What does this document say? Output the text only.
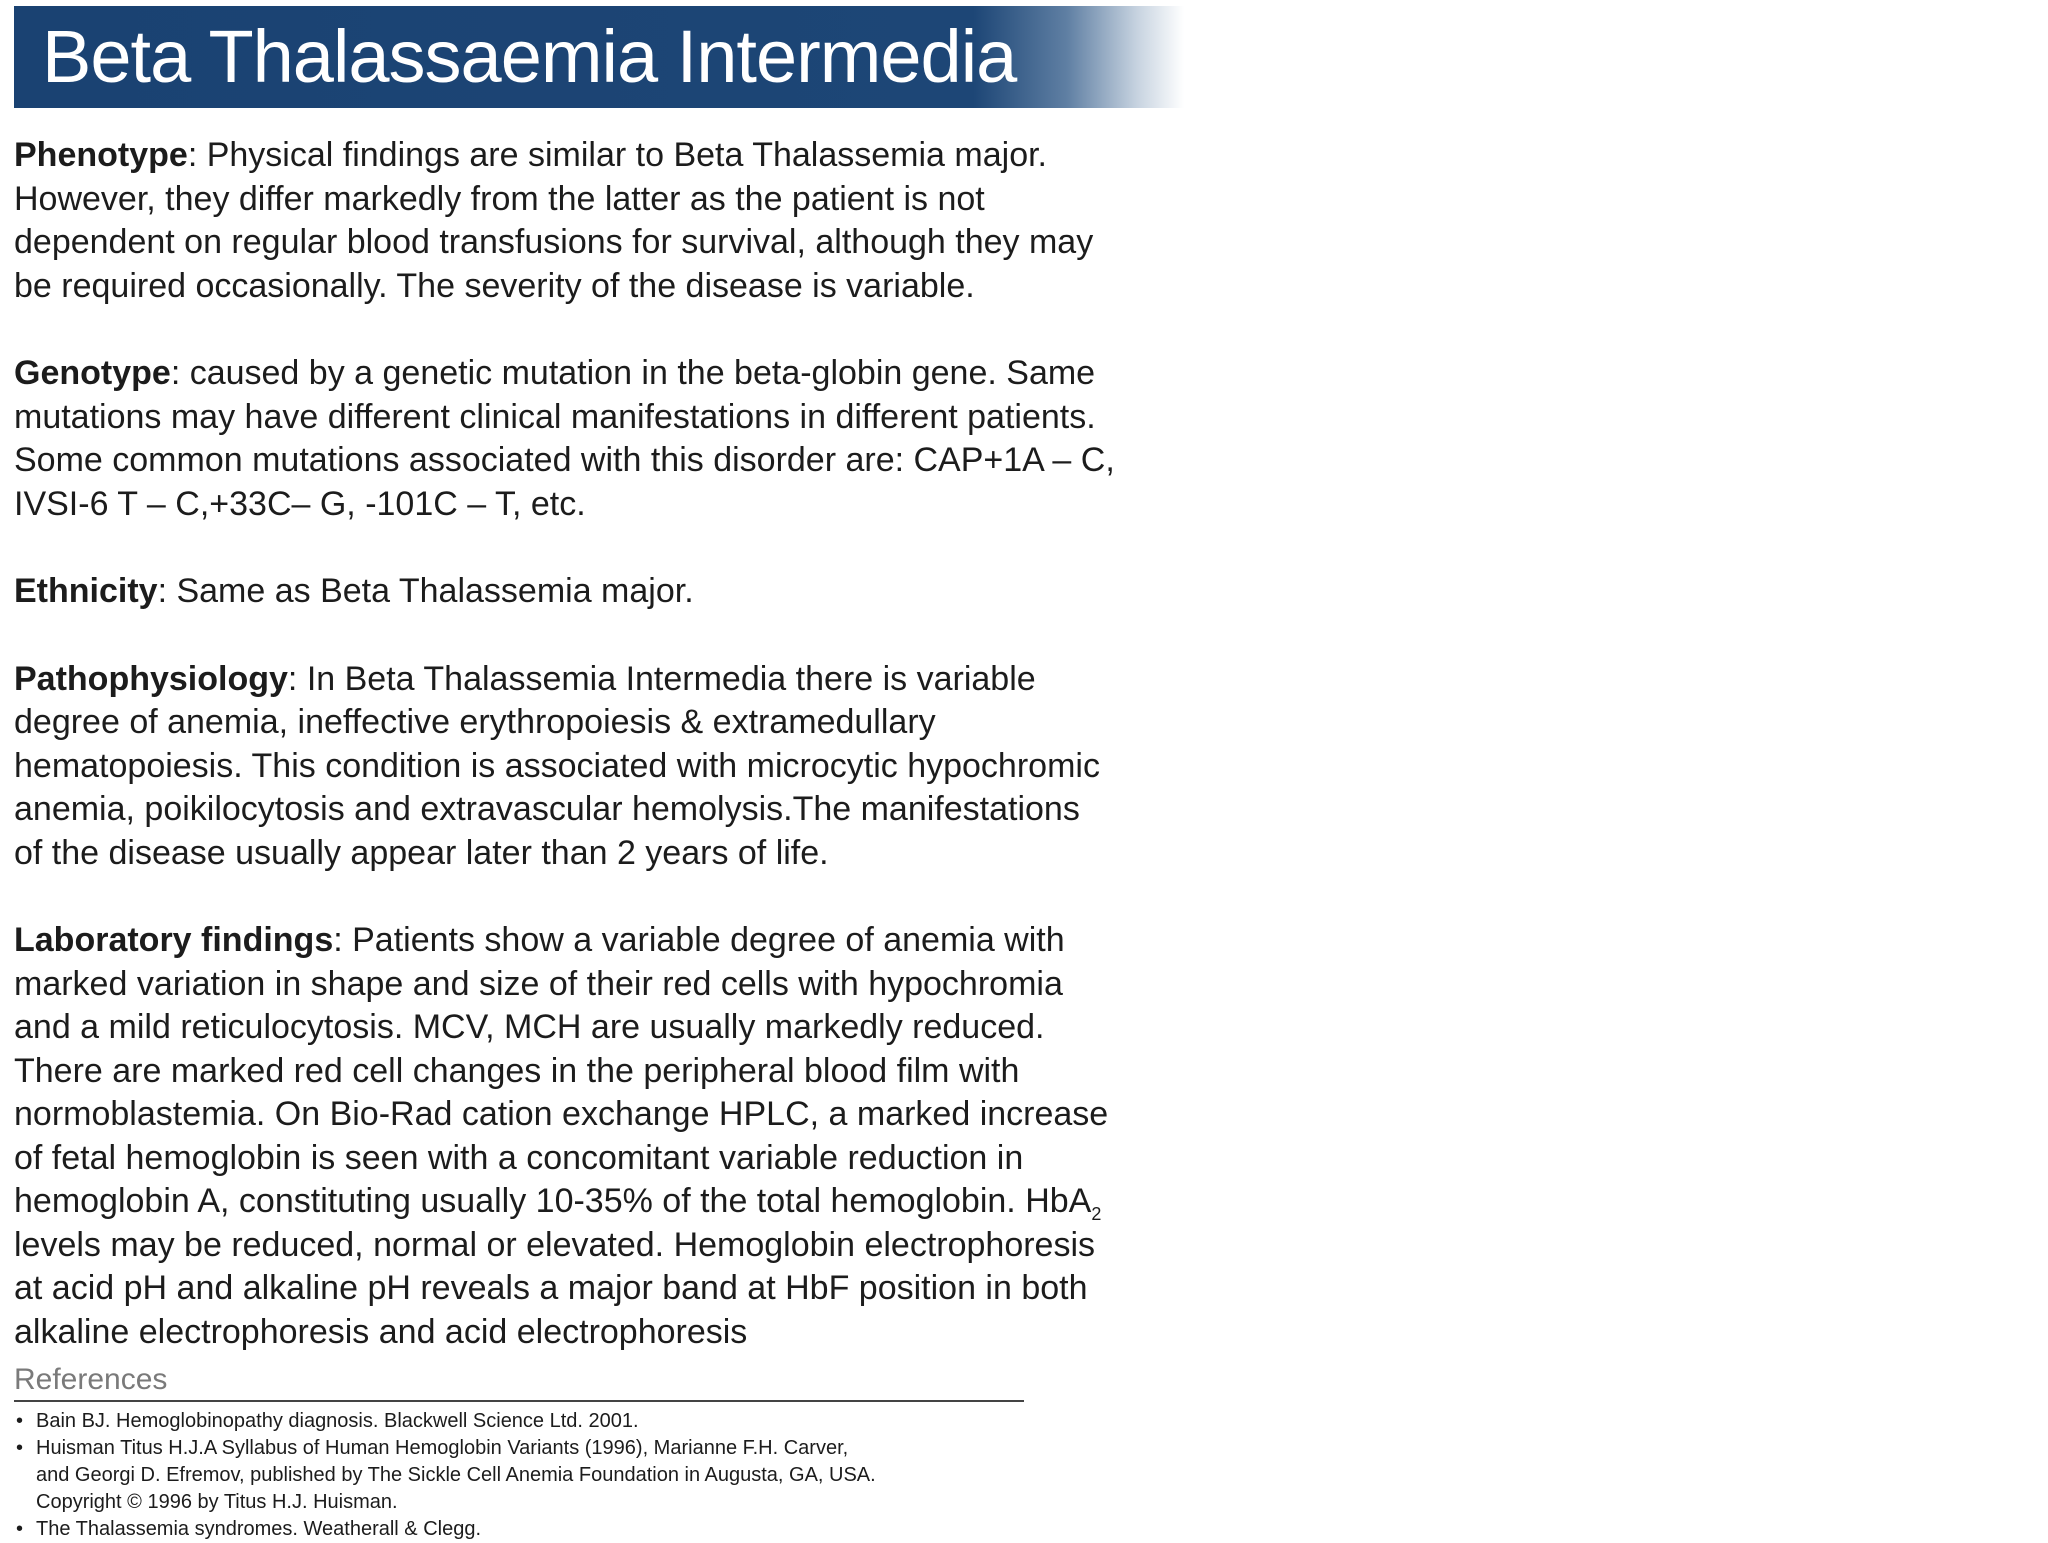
Beta Thalassaemia Intermedia

Phenotype: Physical findings are similar to Beta Thalassemia major.
However, they differ markedly from the latter as the patient is not
dependent on regular blood transfusions for survival, although they may
be required occasionally. The severity of the disease is variable.

Genotype: caused by a genetic mutation in the beta-globin gene. Same
mutations may have different clinical manifestations in different patients.
Some common mutations associated with this disorder are: CAP+1A – C,
IVSI-6 T – C,+33C– G, -101C – T, etc.

Ethnicity: Same as Beta Thalassemia major.

Pathophysiology: In Beta Thalassemia Intermedia there is variable
degree of anemia, ineffective erythropoiesis & extramedullary
hematopoiesis. This condition is associated with microcytic hypochromic
anemia, poikilocytosis and extravascular hemolysis.The manifestations
of the disease usually appear later than 2 years of life.

Laboratory findings: Patients show a variable degree of anemia with
marked variation in shape and size of their red cells with hypochromia
and a mild reticulocytosis. MCV, MCH are usually markedly reduced.
There are marked red cell changes in the peripheral blood film with
normoblastemia. On Bio-Rad cation exchange HPLC, a marked increase
of fetal hemoglobin is seen with a concomitant variable reduction in
hemoglobin A, constituting usually 10-35% of the total hemoglobin. HbA$_2$
levels may be reduced, normal or elevated. Hemoglobin electrophoresis
at acid pH and alkaline pH reveals a major band at HbF position in both
alkaline electrophoresis and acid electrophoresis

References
• Bain BJ. Hemoglobinopathy diagnosis. Blackwell Science Ltd. 2001.
• Huisman Titus H.J.A Syllabus of Human Hemoglobin Variants (1996), Marianne F.H. Carver,
and Georgi D. Efremov, published by The Sickle Cell Anemia Foundation in Augusta, GA, USA.
Copyright © 1996 by Titus H.J. Huisman.
• The Thalassemia syndromes. Weatherall & Clegg.
